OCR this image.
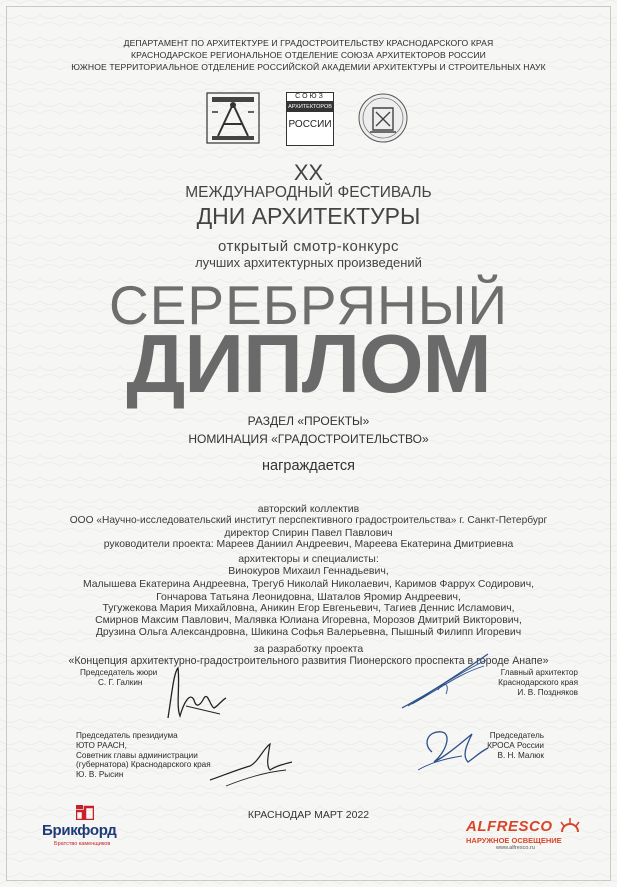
ДЕПАРТАМЕНТ ПО АРХИТЕКТУРЕ И ГРАДОСТРОИТЕЛЬСТВУ КРАСНОДАРСКОГО КРАЯ
КРАСНОДАРСКОЕ РЕГИОНАЛЬНОЕ ОТДЕЛЕНИЕ СОЮЗА АРХИТЕКТОРОВ РОССИИ
ЮЖНОЕ ТЕРРИТОРИАЛЬНОЕ ОТДЕЛЕНИЕ РОССИЙСКОЙ АКАДЕМИИ АРХИТЕКТУРЫ И СТРОИТЕЛЬНЫХ НАУК
СОЮЗ
АРХИТЕКТОРОВ
РОССИИ
XX
МЕЖДУНАРОДНЫЙ ФЕСТИВАЛЬ
ДНИ АРХИТЕКТУРЫ
открытый смотр-конкурс
лучших архитектурных произведений
СЕРЕБРЯНЫЙ
ДИПЛОМ
РАЗДЕЛ «ПРОЕКТЫ»
НОМИНАЦИЯ «ГРАДОСТРОИТЕЛЬСТВО»
награждается
авторский коллектив
ООО «Научно-исследовательский институт перспективного градостроительства» г. Санкт-Петербург
директор Спирин Павел Павлович
руководители проекта: Мареев Даниил Андреевич, Мареева Екатерина Дмитриевна
архитекторы и специалисты:
Винокуров Михаил Геннадьевич,
Малышева Екатерина Андреевна, Трегуб Николай Николаевич, Каримов Фаррух Содирович,
Гончарова Татьяна Леонидовна, Шаталов Яромир Андреевич,
Тугужекова Мария Михайловна, Аникин Егор Евгеньевич, Тагиев Деннис Исламович,
Смирнов Максим Павлович, Малявка Юлиана Игоревна, Морозов Дмитрий Викторович,
Друзина Ольга Александровна, Шикина Софья Валерьевна, Пышный Филипп Игоревич
за разработку проекта
«Концепция архитектурно-градостроительного развития Пионерского проспекта в городе Анапе»
Председатель жюри
С. Г. Галкин
Главный архитектор
Краснодарского края
И. В. Поздняков
Председатель президиума
ЮТО РААСН,
Советник главы администрации
(губернатора) Краснодарского края
Ю. В. Рысин
Председатель
КРОСА России
В. Н. Малюк
КРАСНОДАР МАРТ 2022
Брикфорд
Братство каменщиков
ALFRESCO
НАРУЖНОЕ ОСВЕЩЕНИЕ
www.alfresco.ru
